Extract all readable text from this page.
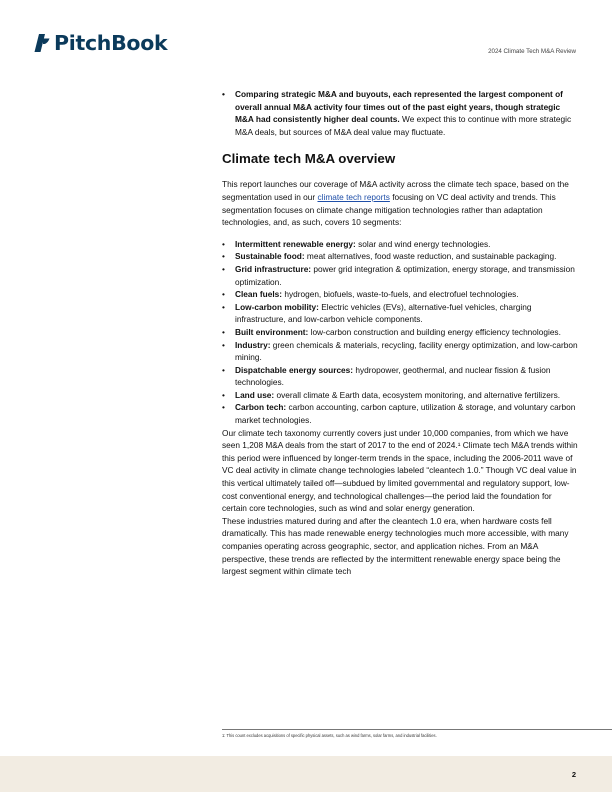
PitchBook	2024 Climate Tech M&A Review
• Comparing strategic M&A and buyouts, each represented the largest component of overall annual M&A activity four times out of the past eight years, though strategic M&A had consistently higher deal counts. We expect this to continue with more strategic M&A deals, but sources of M&A deal value may fluctuate.
Climate tech M&A overview

This report launches our coverage of M&A activity across the climate tech space, based on the segmentation used in our climate tech reports focusing on VC deal activity and trends. This segmentation focuses on climate change mitigation technologies rather than adaptation technologies, and, as such, covers 10 segments:

• Intermittent renewable energy: solar and wind energy technologies.
• Sustainable food: meat alternatives, food waste reduction, and sustainable packaging.
• Grid infrastructure: power grid integration & optimization, energy storage, and transmission optimization.
• Clean fuels: hydrogen, biofuels, waste-to-fuels, and electrofuel technologies.
• Low-carbon mobility: Electric vehicles (EVs), alternative-fuel vehicles, charging infrastructure, and low-carbon vehicle components.
• Built environment: low-carbon construction and building energy efficiency technologies.
• Industry: green chemicals & materials, recycling, facility energy optimization, and low-carbon mining.
• Dispatchable energy sources: hydropower, geothermal, and nuclear fission & fusion technologies.
• Land use: overall climate & Earth data, ecosystem monitoring, and alternative fertilizers.
• Carbon tech: carbon accounting, carbon capture, utilization & storage, and voluntary carbon market technologies.

Our climate tech taxonomy currently covers just under 10,000 companies, from which we have seen 1,208 M&A deals from the start of 2017 to the end of 2024.¹ Climate tech M&A trends within this period were influenced by longer-term trends in the space, including the 2006-2011 wave of VC deal activity in climate change technologies labeled “cleantech 1.0.” Though VC deal value in this vertical ultimately tailed off—subdued by limited governmental and regulatory support, low-cost conventional energy, and technological challenges—the period laid the foundation for certain core technologies, such as wind and solar energy generation.

These industries matured during and after the cleantech 1.0 era, when hardware costs fell dramatically. This has made renewable energy technologies much more accessible, with many companies operating across geographic, sector, and application niches. From an M&A perspective, these trends are reflected by the intermittent renewable energy space being the largest segment within climate tech

1: This count excludes acquisitions of specific physical assets, such as wind farms, solar farms, and industrial facilities.
2
